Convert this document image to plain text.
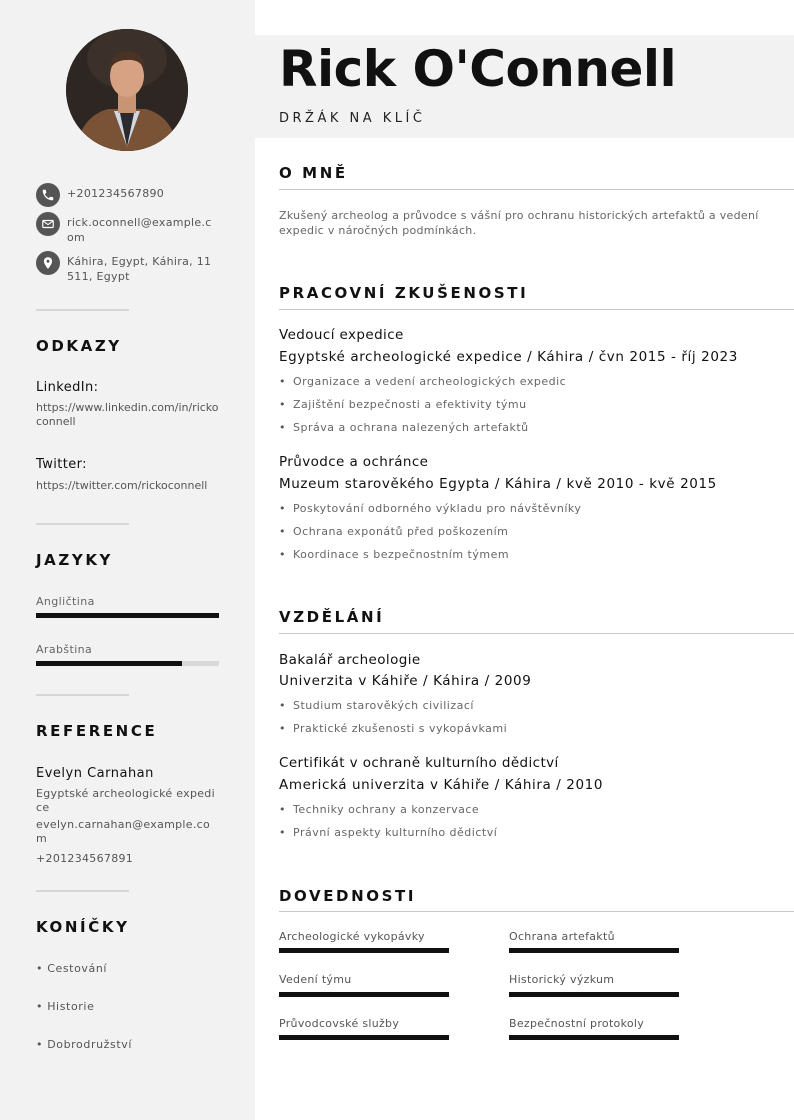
+201234567890
rick.oconnell@example.com
Káhira, Egypt, Káhira, 11511, Egypt
ODKAZY
LinkedIn:
https://www.linkedin.com/in/rickoconnell
Twitter:
https://twitter.com/rickoconnell
JAZYKY
Angličtina
Arabština
REFERENCE
Evelyn Carnahan
Egyptské archeologické expedice
evelyn.carnahan@example.com
+201234567891
KONÍČKY
• Cestování
• Historie
• Dobrodružství
Rick O'Connell
DRŽÁK NA KLÍČ
O MNĚ
Zkušený archeolog a průvodce s vášní pro ochranu historických artefaktů a vedení expedic v náročných podmínkách.
PRACOVNÍ ZKUŠENOSTI
Vedoucí expedice
Egyptské archeologické expedice / Káhira / čvn 2015 - říj 2023
• Organizace a vedení archeologických expedic
• Zajištění bezpečnosti a efektivity týmu
• Správa a ochrana nalezených artefaktů
Průvodce a ochránce
Muzeum starověkého Egypta / Káhira / kvě 2010 - kvě 2015
• Poskytování odborného výkladu pro návštěvníky
• Ochrana exponátů před poškozením
• Koordinace s bezpečnostním týmem
VZDĚLÁNÍ
Bakalář archeologie
Univerzita v Káhiře / Káhira / 2009
• Studium starověkých civilizací
• Praktické zkušenosti s vykopávkami
Certifikát v ochraně kulturního dědictví
Americká univerzita v Káhiře / Káhira / 2010
• Techniky ochrany a konzervace
• Právní aspekty kulturního dědictví
DOVEDNOSTI
Archeologické vykopávky	Ochrana artefaktů
Vedení týmu	Historický výzkum
Průvodcovské služby	Bezpečnostní protokoly
